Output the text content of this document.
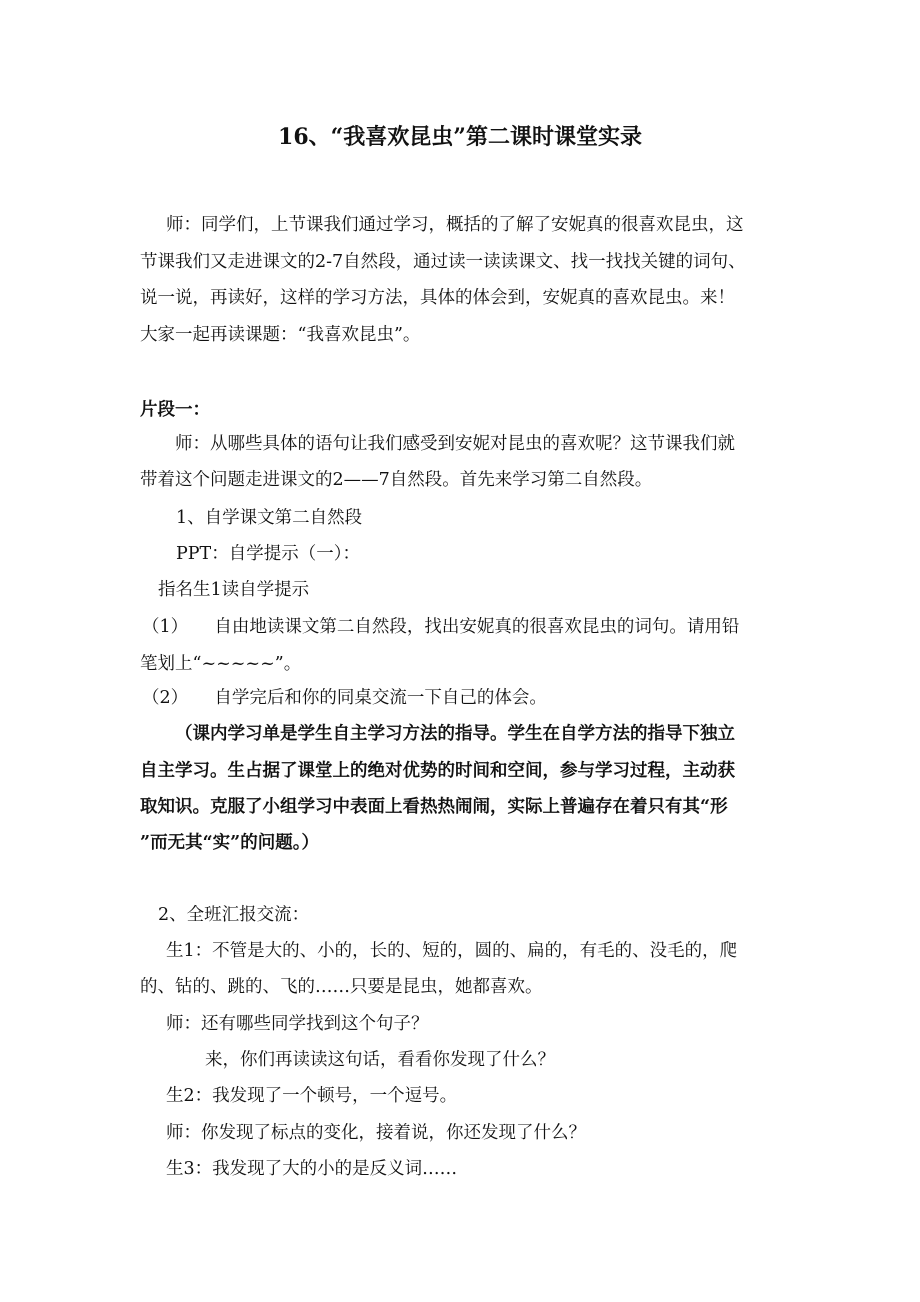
16、“我喜欢昆虫”第二课时课堂实录
师：同学们，上节课我们通过学习，概括的了解了安妮真的很喜欢昆虫，这
节课我们又走进课文的2-7自然段，通过读一读读课文、找一找找关键的词句、
说一说，再读好，这样的学习方法，具体的体会到，安妮真的喜欢昆虫。来！
大家一起再读课题：“我喜欢昆虫”。
片段一：
师：从哪些具体的语句让我们感受到安妮对昆虫的喜欢呢？这节课我们就
带着这个问题走进课文的2——7自然段。首先来学习第二自然段。
1、自学课文第二自然段
PPT：自学提示（一）：
指名生1读自学提示
（1）　　自由地读课文第二自然段，找出安妮真的很喜欢昆虫的词句。请用铅
笔划上“~~~~~”。
（2）　　自学完后和你的同桌交流一下自己的体会。
（课内学习单是学生自主学习方法的指导。学生在自学方法的指导下独立
自主学习。生占据了课堂上的绝对优势的时间和空间，参与学习过程，主动获
取知识。克服了小组学习中表面上看热热闹闹，实际上普遍存在着只有其“形
”而无其“实”的问题。）
2、全班汇报交流：
生1：不管是大的、小的，长的、短的，圆的、扁的，有毛的、没毛的，爬
的、钻的、跳的、飞的……只要是昆虫，她都喜欢。
师：还有哪些同学找到这个句子？
来，你们再读读这句话，看看你发现了什么？
生2：我发现了一个顿号，一个逗号。
师：你发现了标点的变化，接着说，你还发现了什么？
生3：我发现了大的小的是反义词……
